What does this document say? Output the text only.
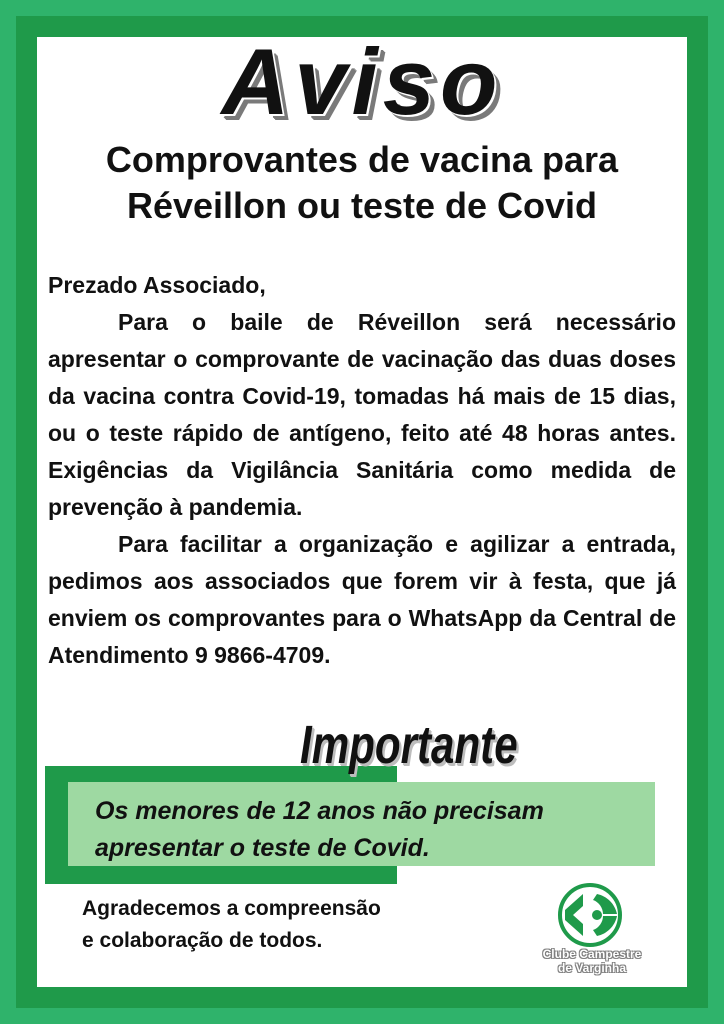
Aviso
Comprovantes de vacina para
Réveillon ou teste de Covid

Prezado Associado,

Para o baile de Réveillon será necessário apresentar o comprovante de vacinação das duas doses da vacina contra Covid-19, tomadas há mais de 15 dias, ou o teste rápido de antígeno, feito até 48 horas antes. Exigências da Vigilância Sanitária como medida de prevenção à pandemia.

Para facilitar a organização e agilizar a entrada, pedimos aos associados que forem vir à festa, que já enviem os comprovantes para o WhatsApp da Central de Atendimento 9 9866-4709.

Importante
Os menores de 12 anos não precisam
apresentar o teste de Covid.
Agradecemos a compreensão
e colaboração de todos.
Clube Campestre
de Varginha
